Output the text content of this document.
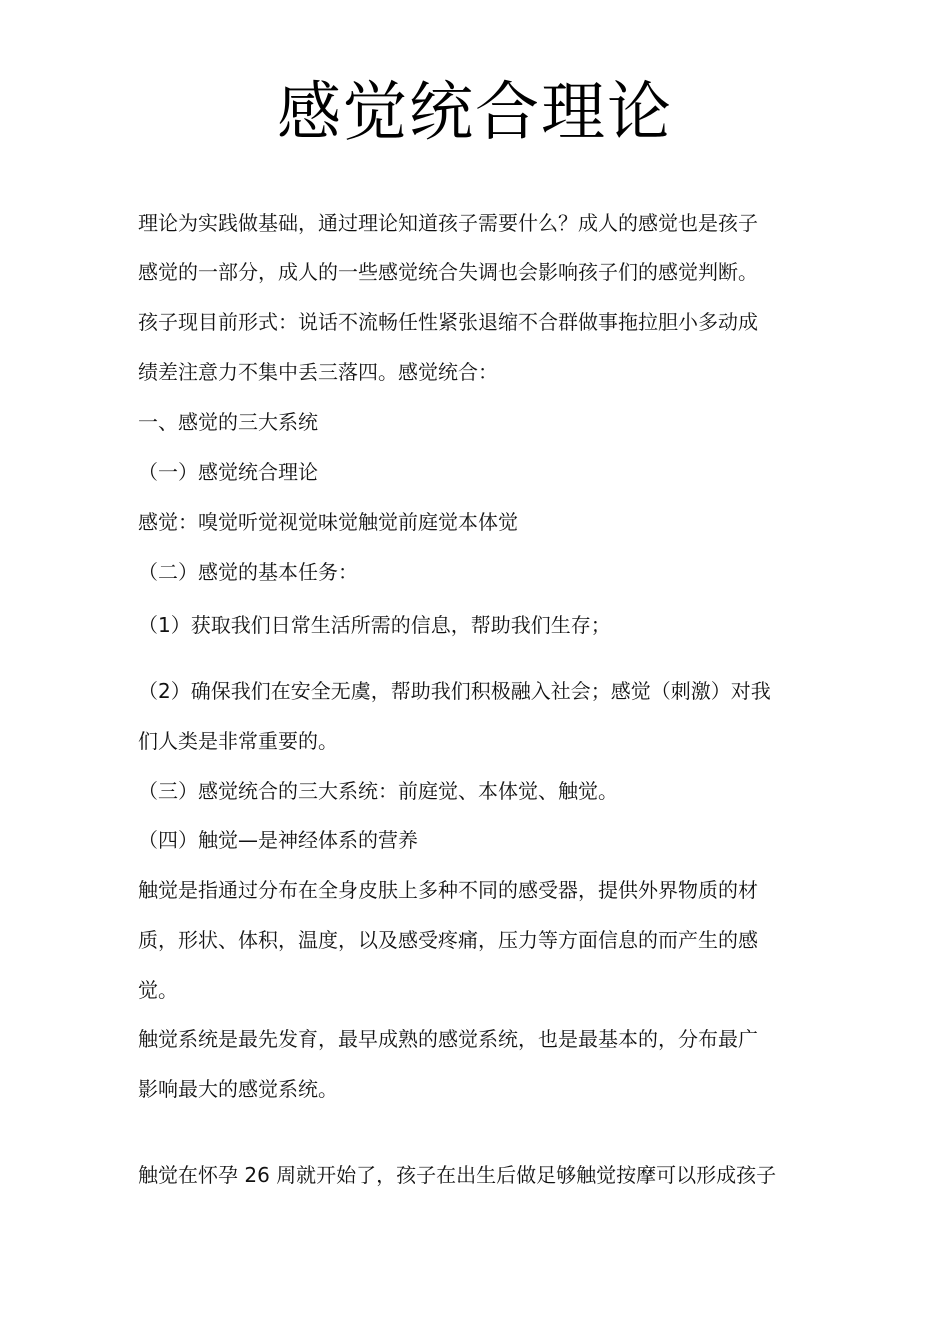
感觉统合理论
理论为实践做基础，通过理论知道孩子需要什么？成人的感觉也是孩子
感觉的一部分，成人的一些感觉统合失调也会影响孩子们的感觉判断。
孩子现目前形式：说话不流畅任性紧张退缩不合群做事拖拉胆小多动成
绩差注意力不集中丢三落四。感觉统合：
一、感觉的三大系统
（一）感觉统合理论
感觉：嗅觉听觉视觉味觉触觉前庭觉本体觉
（二）感觉的基本任务：
（1）获取我们日常生活所需的信息，帮助我们生存；
（2）确保我们在安全无虞，帮助我们积极融入社会；感觉（刺激）对我
们人类是非常重要的。
（三）感觉统合的三大系统：前庭觉、本体觉、触觉。
（四）触觉—是神经体系的营养
触觉是指通过分布在全身皮肤上多种不同的感受器，提供外界物质的材
质，形状、体积，温度，以及感受疼痛，压力等方面信息的而产生的感
觉。
触觉系统是最先发育，最早成熟的感觉系统，也是最基本的，分布最广
影响最大的感觉系统。
触觉在怀孕 26 周就开始了，孩子在出生后做足够触觉按摩可以形成孩子
